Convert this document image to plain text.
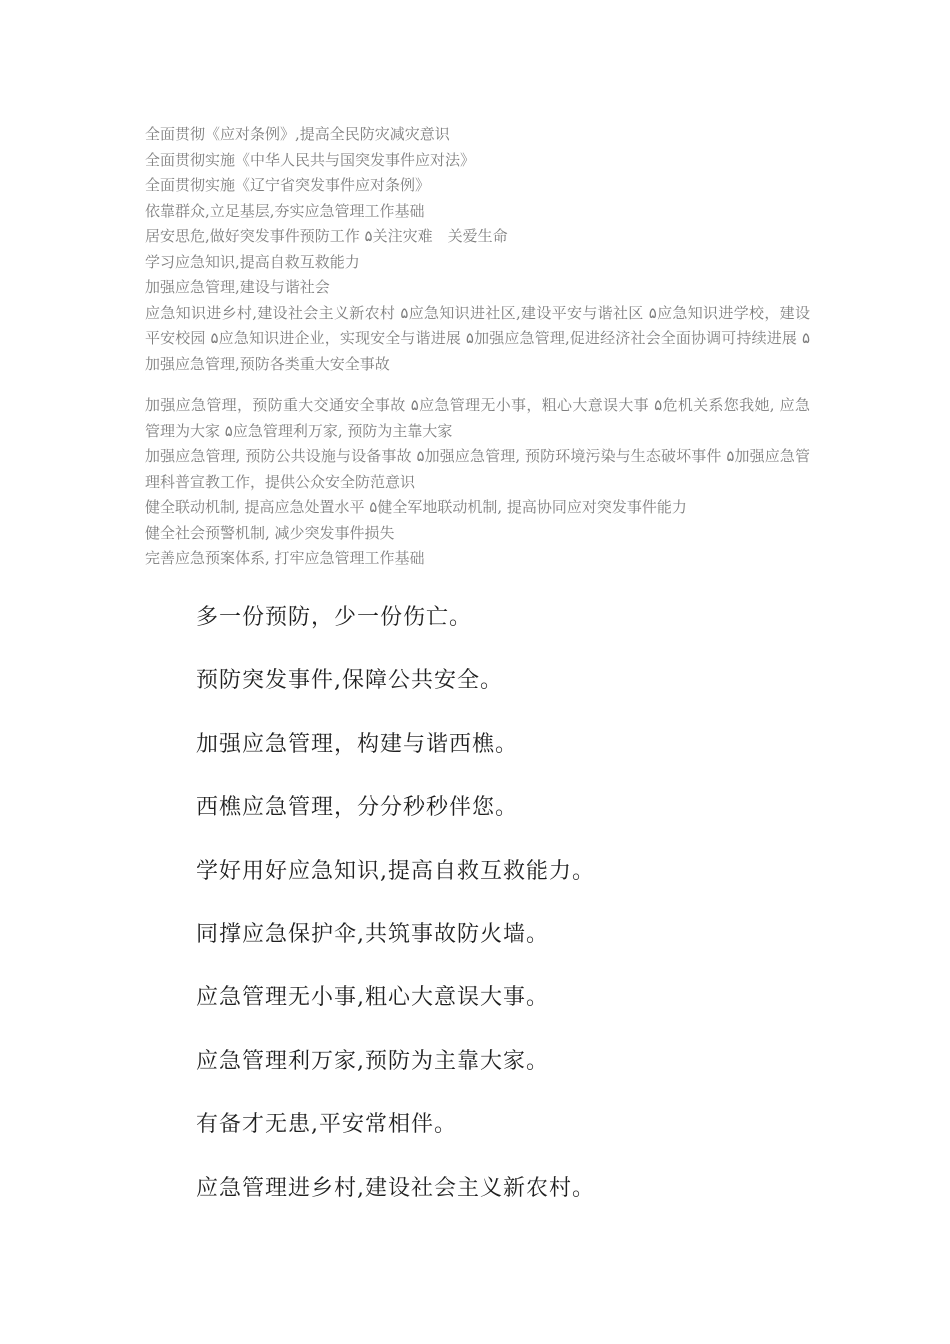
全面贯彻《应对条例》,提高全民防灾减灾意识
全面贯彻实施《中华人民共与国突发事件应对法》
全面贯彻实施《辽宁省突发事件应对条例》
依靠群众,立足基层,夯实应急管理工作基础
居安思危,做好突发事件预防工作 ۵关注灾难　关爱生命
学习应急知识,提高自救互救能力
加强应急管理,建设与谐社会
应急知识进乡村,建设社会主义新农村 ۵应急知识进社区,建设平安与谐社区 ۵应急知识进学校，建设平安校园 ۵应急知识进企业，实现安全与谐进展 ۵加强应急管理,促进经济社会全面协调可持续进展 ۵加强应急管理,预防各类重大安全事故
加强应急管理，预防重大交通安全事故 ۵应急管理无小事，粗心大意误大事 ۵危机关系您我她, 应急管理为大家 ۵应急管理利万家, 预防为主靠大家
加强应急管理, 预防公共设施与设备事故 ۵加强应急管理, 预防环境污染与生态破坏事件 ۵加强应急管理科普宣教工作，提供公众安全防范意识
健全联动机制, 提高应急处置水平 ۵健全军地联动机制, 提高协同应对突发事件能力
健全社会预警机制, 减少突发事件损失
完善应急预案体系, 打牢应急管理工作基础
多一份预防，少一份伤亡。
预防突发事件,保障公共安全。
加强应急管理，构建与谐西樵。
西樵应急管理，分分秒秒伴您。
学好用好应急知识,提高自救互救能力。
同撑应急保护伞,共筑事故防火墙。
应急管理无小事,粗心大意误大事。
应急管理利万家,预防为主靠大家。
有备才无患,平安常相伴。
应急管理进乡村,建设社会主义新农村。
